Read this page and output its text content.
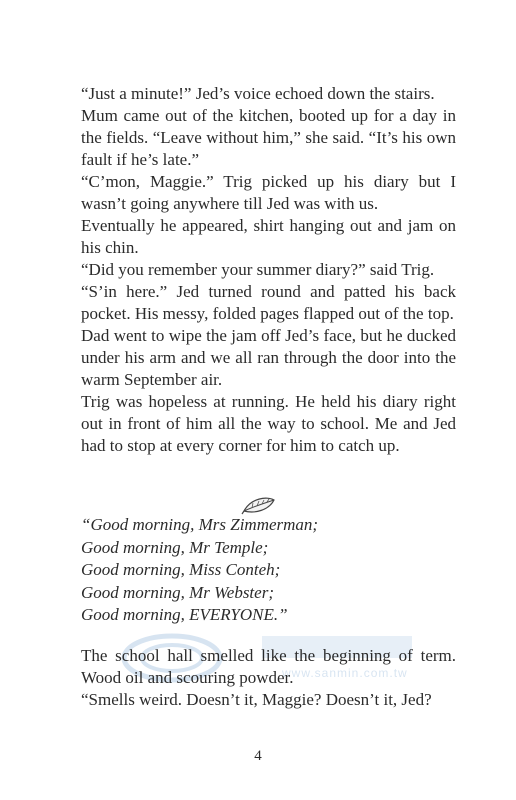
“Just a minute!” Jed’s voice echoed down the stairs.

Mum came out of the kitchen, booted up for a day in the fields. “Leave without him,” she said. “It’s his own fault if he’s late.”

“C’mon, Maggie.” Trig picked up his diary but I wasn’t going anywhere till Jed was with us.

Eventually he appeared, shirt hanging out and jam on his chin.

“Did you remember your summer diary?” said Trig.

“S’in here.” Jed turned round and patted his back pocket. His messy, folded pages flapped out of the top.

Dad went to wipe the jam off Jed’s face, but he ducked under his arm and we all ran through the door into the warm September air.

Trig was hopeless at running. He held his diary right out in front of him all the way to school. Me and Jed had to stop at every corner for him to catch up.

“Good morning, Mrs Zimmerman;
Good morning, Mr Temple;
Good morning, Miss Conteh;
Good morning, Mr Webster;
Good morning, EVERYONE.”
www.sanmin.com.tw

The school hall smelled like the beginning of term. Wood oil and scouring powder.

“Smells weird. Doesn’t it, Maggie? Doesn’t it, Jed?

4
